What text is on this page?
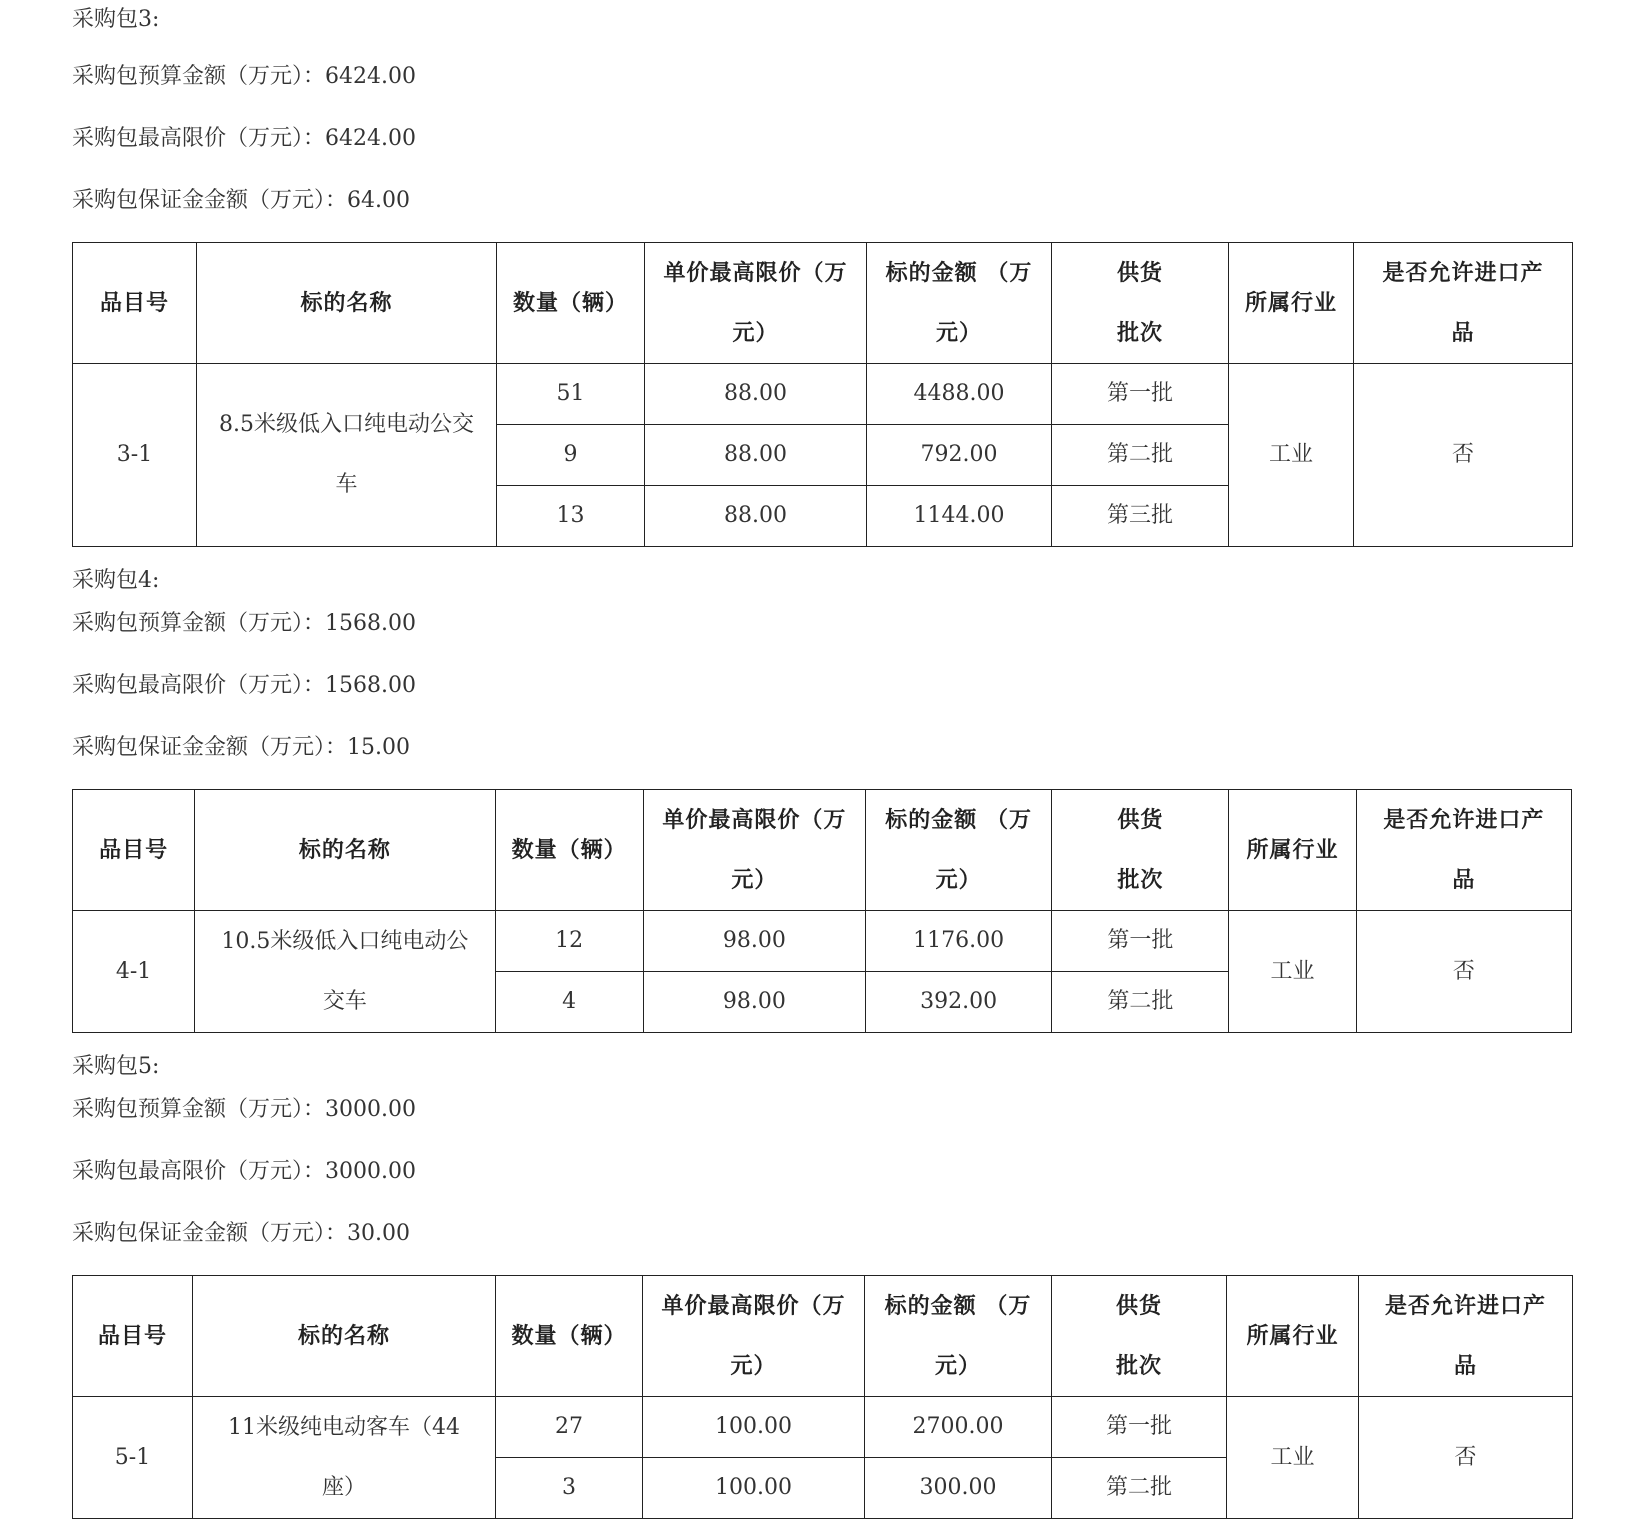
采购包3:
采购包预算金额（万元）：6424.00
采购包最高限价（万元）：6424.00
采购包保证金金额（万元）：64.00
品目号	标的名称	数量（辆）	单价最高限价（万
元）	标的金额 （万
元）	供货
批次	所属行业	是否允许进口产
品

3-1	8.5米级低入口纯电动公交
车	51	88.00	4488.00	第一批	工业	否
		9	88.00	792.00	第二批		
		13	88.00	1144.00	第三批		
采购包4:
采购包预算金额（万元）：1568.00
采购包最高限价（万元）：1568.00
采购包保证金金额（万元）：15.00
品目号	标的名称	数量（辆）	单价最高限价（万
元）	标的金额 （万
元）	供货
批次	所属行业	是否允许进口产
品

4-1	10.5米级低入口纯电动公
交车	12	98.00	1176.00	第一批	工业	否
		4	98.00	392.00	第二批		
采购包5:
采购包预算金额（万元）：3000.00
采购包最高限价（万元）：3000.00
采购包保证金金额（万元）：30.00
品目号	标的名称	数量（辆）	单价最高限价（万
元）	标的金额 （万
元）	供货
批次	所属行业	是否允许进口产
品

5-1	11米级纯电动客车（44
座）	27	100.00	2700.00	第一批	工业	否
		3	100.00	300.00	第二批		
